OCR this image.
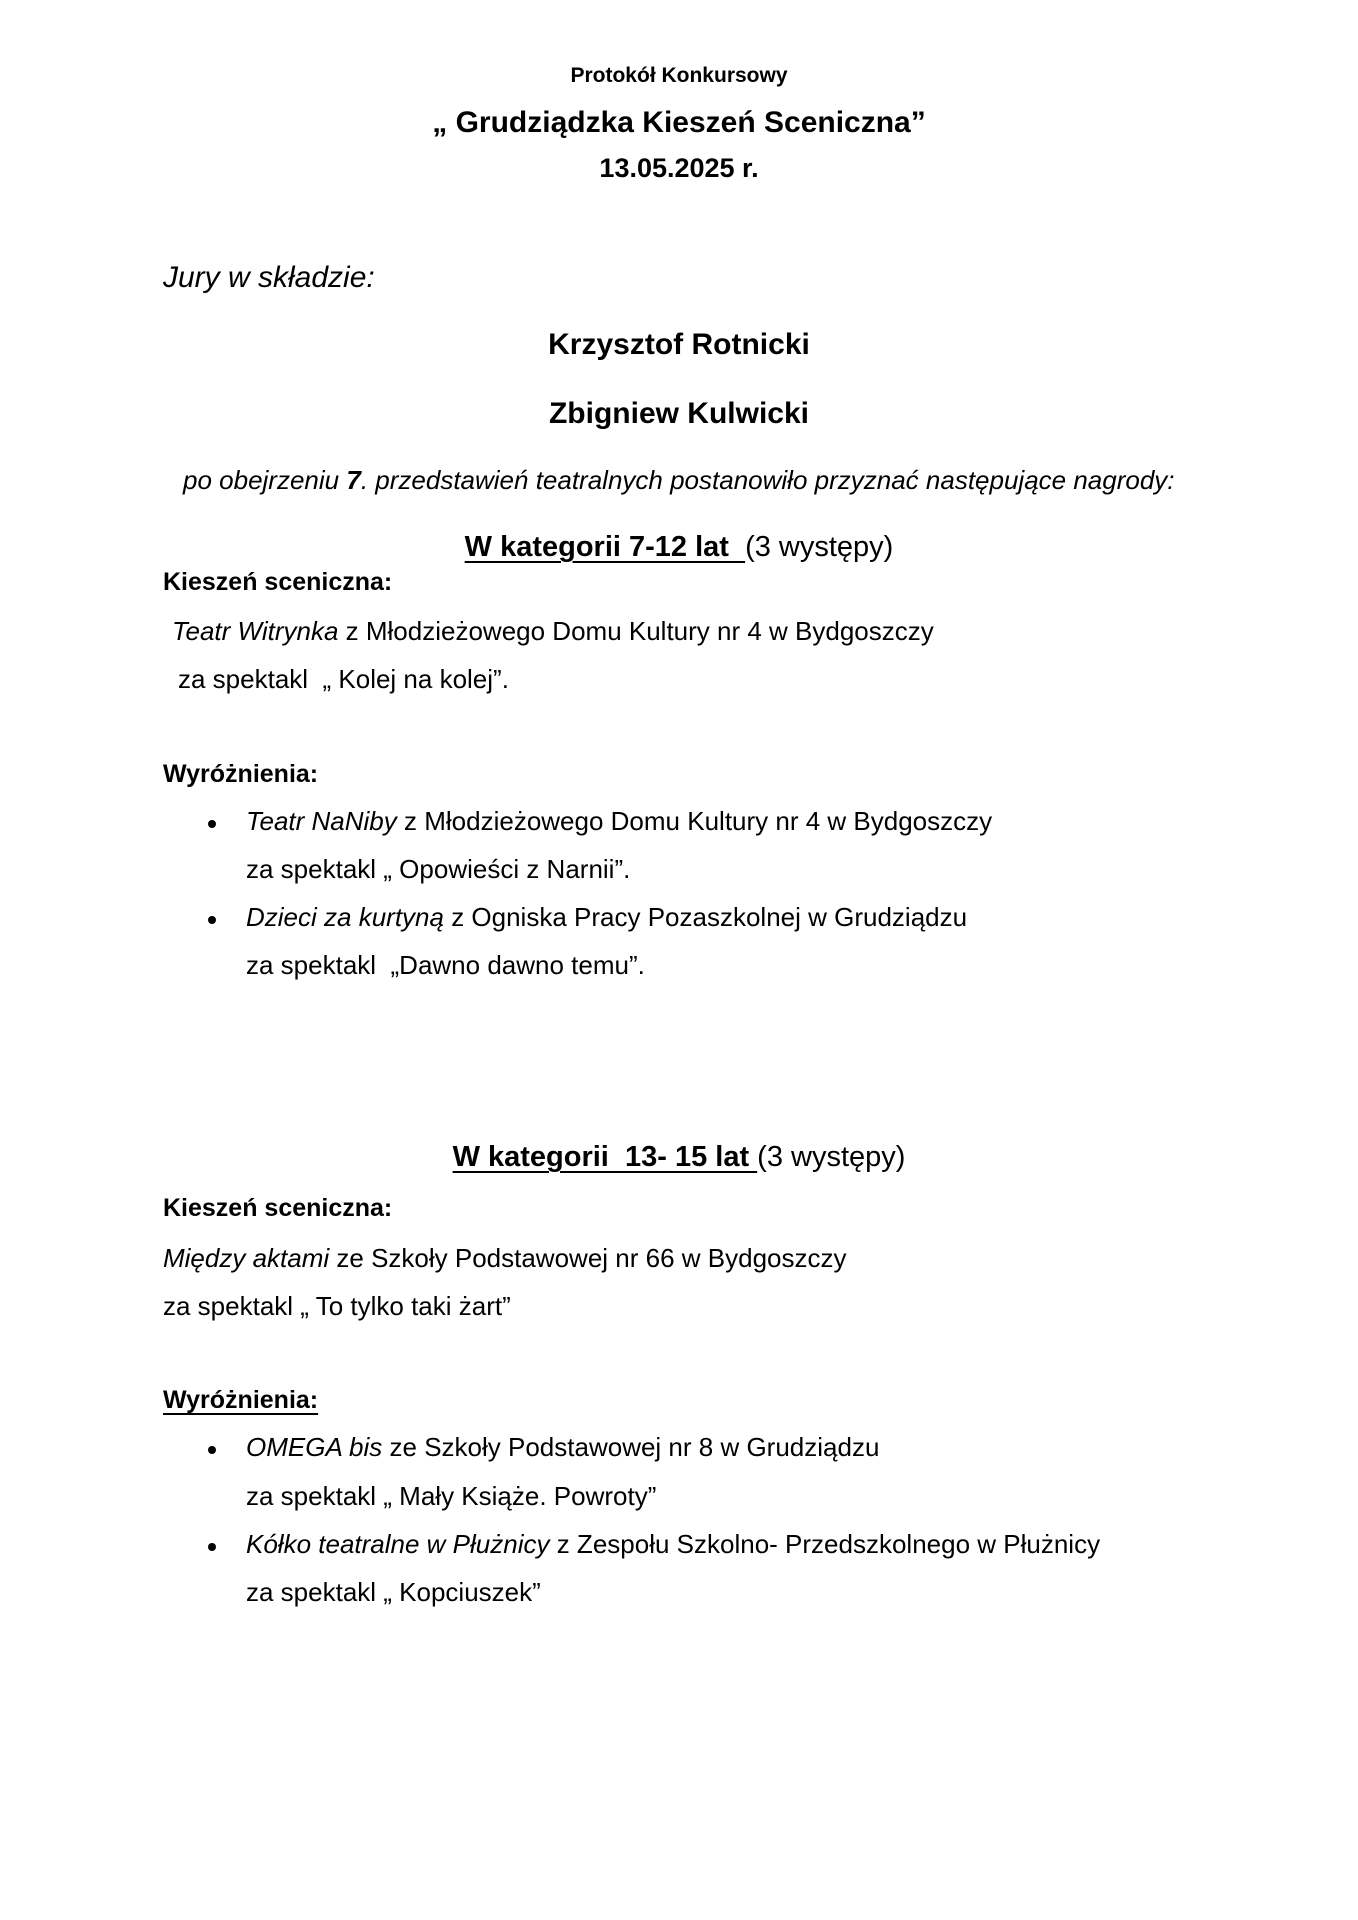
Protokół Konkursowy
„ Grudziądzka Kieszeń Sceniczna”
13.05.2025 r.
Jury w składzie:
Krzysztof Rotnicki
Zbigniew Kulwicki
po obejrzeniu 7. przedstawień teatralnych postanowiło przyznać następujące nagrody:
W kategorii 7-12 lat  (3 występy)
Kieszeń sceniczna:
Teatr Witrynka z Młodzieżowego Domu Kultury nr 4 w Bydgoszczy
za spektakl  „ Kolej na kolej”.
Wyróżnienia:
Teatr NaNiby z Młodzieżowego Domu Kultury nr 4 w Bydgoszczy
za spektakl „ Opowieści z Narnii”.
Dzieci za kurtyną z Ogniska Pracy Pozaszkolnej w Grudziądzu
za spektakl  „Dawno dawno temu”.
W kategorii  13- 15 lat (3 występy)
Kieszeń sceniczna:
Między aktami ze Szkoły Podstawowej nr 66 w Bydgoszczy
za spektakl „ To tylko taki żart”
Wyróżnienia:
OMEGA bis ze Szkoły Podstawowej nr 8 w Grudziądzu
za spektakl „ Mały Książe. Powroty”
Kółko teatralne w Płużnicy z Zespołu Szkolno- Przedszkolnego w Płużnicy
za spektakl „ Kopciuszek”
